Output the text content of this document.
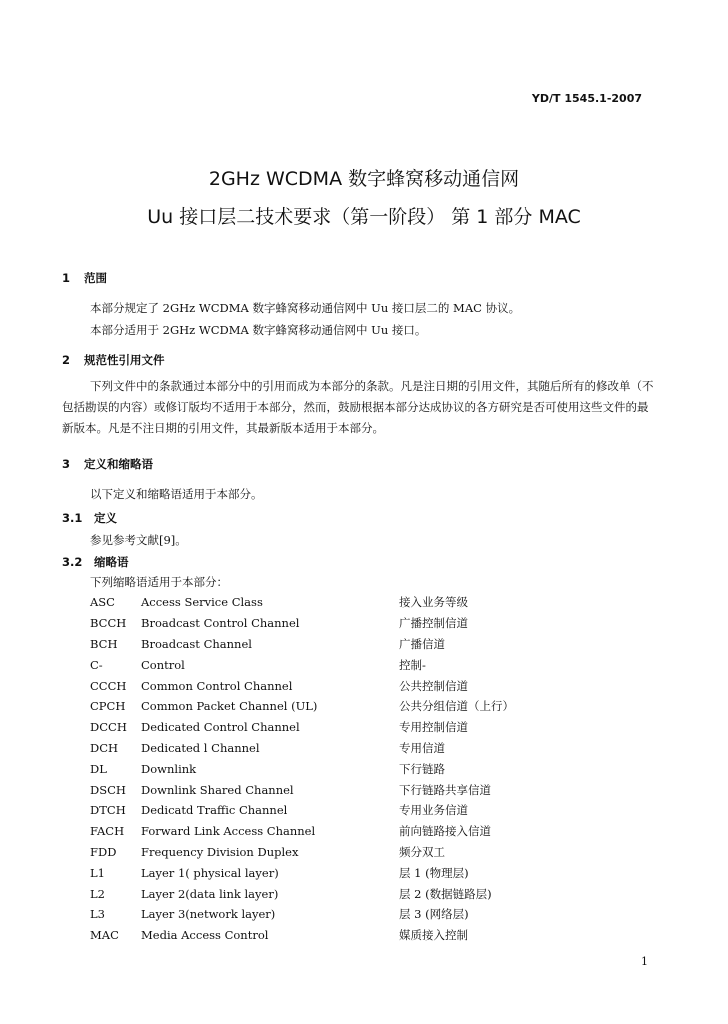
YD/T 1545.1-2007
2GHz WCDMA 数字蜂窝移动通信网
Uu 接口层二技术要求（第一阶段） 第 1 部分 MAC
1 范围
本部分规定了 2GHz WCDMA 数字蜂窝移动通信网中 Uu 接口层二的 MAC 协议。
本部分适用于 2GHz WCDMA 数字蜂窝移动通信网中 Uu 接口。
2 规范性引用文件

下列文件中的条款通过本部分中的引用而成为本部分的条款。凡是注日期的引用文件，其随后所有的修改单（不包括勘误的内容）或修订版均不适用于本部分，然而，鼓励根据本部分达成协议的各方研究是否可使用这些文件的最新版本。凡是不注日期的引用文件，其最新版本适用于本部分。

3 定义和缩略语
以下定义和缩略语适用于本部分。
3.1 定义
参见参考文献[9]。
3.2 缩略语
下列缩略语适用于本部分：
ASC	Access Service Class	接入业务等级
BCCH	Broadcast Control Channel	广播控制信道
BCH	Broadcast Channel	广播信道
C-	Control	控制-
CCCH	Common Control Channel	公共控制信道
CPCH	Common Packet Channel (UL)	公共分组信道（上行）
DCCH	Dedicated Control Channel	专用控制信道
DCH	Dedicated l Channel	专用信道
DL	Downlink	下行链路
DSCH	Downlink Shared Channel	下行链路共享信道
DTCH	Dedicatd Traffic Channel	专用业务信道
FACH	Forward Link Access Channel	前向链路接入信道
FDD	Frequency Division Duplex	频分双工
L1	Layer 1( physical layer)	层 1 (物理层)
L2	Layer 2(data link layer)	层 2 (数据链路层)
L3	Layer 3(network layer)	层 3 (网络层)
MAC	Media Access Control	媒质接入控制
1
